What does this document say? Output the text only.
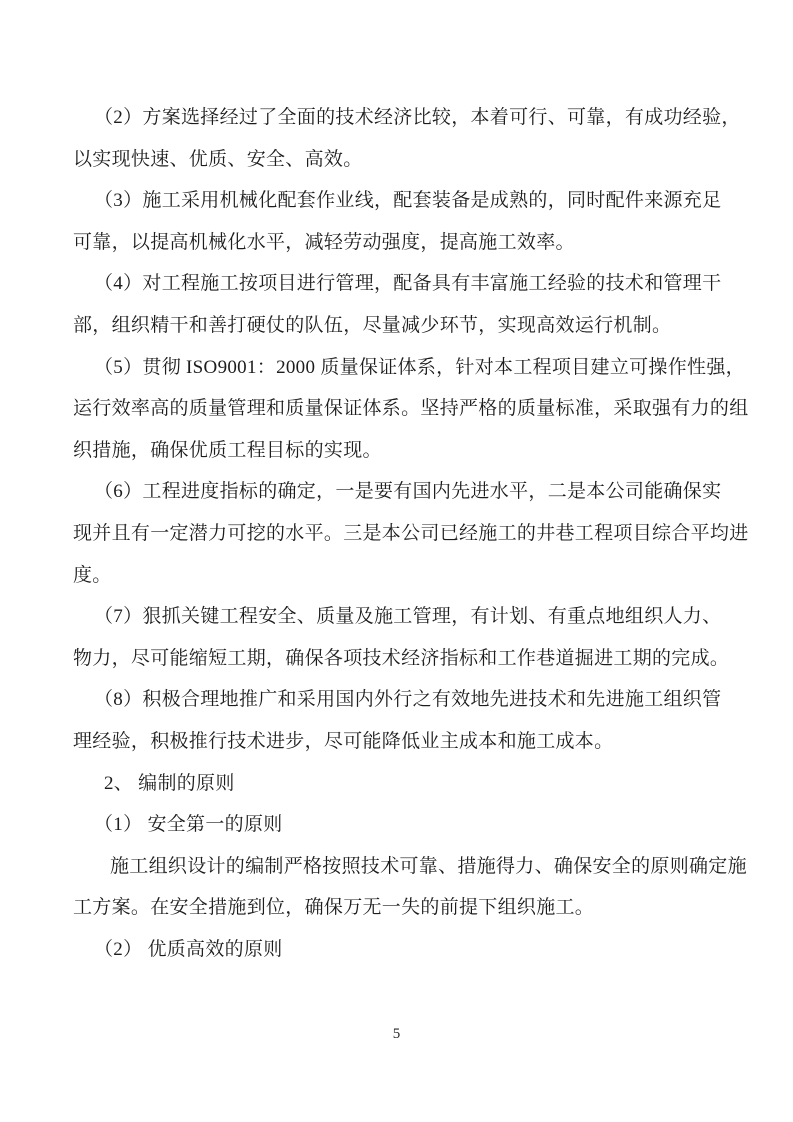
（2）方案选择经过了全面的技术经济比较，本着可行、可靠，有成功经验，
以实现快速、优质、安全、高效。
（3）施工采用机械化配套作业线，配套装备是成熟的，同时配件来源充足
可靠，以提高机械化水平，减轻劳动强度，提高施工效率。
（4）对工程施工按项目进行管理，配备具有丰富施工经验的技术和管理干
部，组织精干和善打硬仗的队伍，尽量减少环节，实现高效运行机制。
（5）贯彻 ISO9001：2000 质量保证体系，针对本工程项目建立可操作性强，
运行效率高的质量管理和质量保证体系。坚持严格的质量标准，采取强有力的组
织措施，确保优质工程目标的实现。
（6）工程进度指标的确定，一是要有国内先进水平，二是本公司能确保实
现并且有一定潜力可挖的水平。三是本公司已经施工的井巷工程项目综合平均进
度。
（7）狠抓关键工程安全、质量及施工管理，有计划、有重点地组织人力、
物力，尽可能缩短工期，确保各项技术经济指标和工作巷道掘进工期的完成。
（8）积极合理地推广和采用国内外行之有效地先进技术和先进施工组织管
理经验，积极推行技术进步，尽可能降低业主成本和施工成本。
2、 编制的原则
（1） 安全第一的原则
施工组织设计的编制严格按照技术可靠、措施得力、确保安全的原则确定施
工方案。在安全措施到位，确保万无一失的前提下组织施工。
（2） 优质高效的原则
5
